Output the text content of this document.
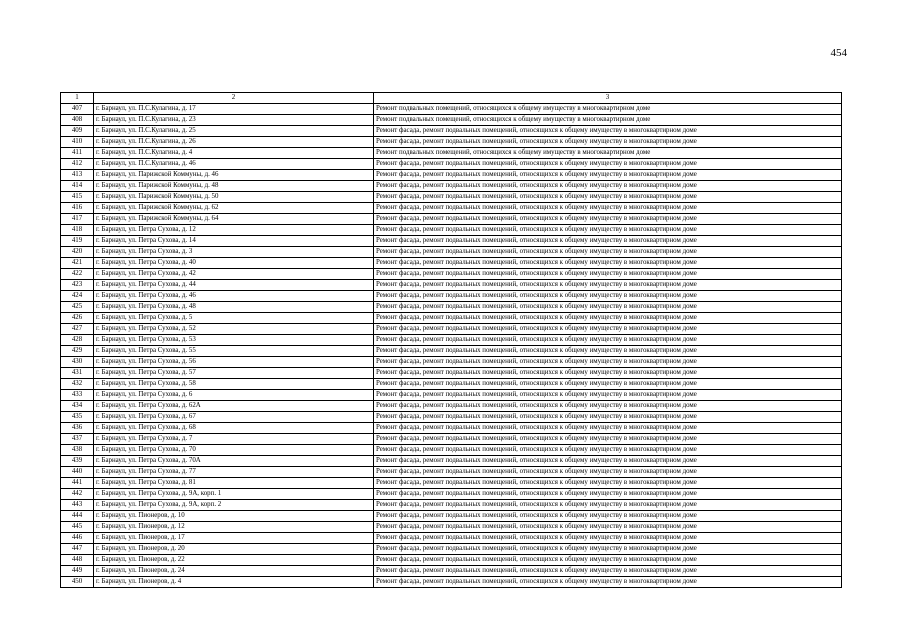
454
1	2	3
407	г. Барнаул, ул. П.С.Кулагина, д. 17	Ремонт подвальных помещений, относящихся к общему имуществу в многоквартирном доме
408	г. Барнаул, ул. П.С.Кулагина, д. 23	Ремонт подвальных помещений, относящихся к общему имуществу в многоквартирном доме
409	г. Барнаул, ул. П.С.Кулагина, д. 25	Ремонт фасада, ремонт подвальных помещений, относящихся к общему имуществу в многоквартирном доме
410	г. Барнаул, ул. П.С.Кулагина, д. 26	Ремонт фасада, ремонт подвальных помещений, относящихся к общему имуществу в многоквартирном доме
411	г. Барнаул, ул. П.С.Кулагина, д. 4	Ремонт подвальных помещений, относящихся к общему имуществу в многоквартирном доме
412	г. Барнаул, ул. П.С.Кулагина, д. 46	Ремонт фасада, ремонт подвальных помещений, относящихся к общему имуществу в многоквартирном доме
413	г. Барнаул, ул. Парижской Коммуны, д. 46	Ремонт фасада, ремонт подвальных помещений, относящихся к общему имуществу в многоквартирном доме
414	г. Барнаул, ул. Парижской Коммуны, д. 48	Ремонт фасада, ремонт подвальных помещений, относящихся к общему имуществу в многоквартирном доме
415	г. Барнаул, ул. Парижской Коммуны, д. 50	Ремонт фасада, ремонт подвальных помещений, относящихся к общему имуществу в многоквартирном доме
416	г. Барнаул, ул. Парижской Коммуны, д. 62	Ремонт фасада, ремонт подвальных помещений, относящихся к общему имуществу в многоквартирном доме
417	г. Барнаул, ул. Парижской Коммуны, д. 64	Ремонт фасада, ремонт подвальных помещений, относящихся к общему имуществу в многоквартирном доме
418	г. Барнаул, ул. Петра Сухова, д. 12	Ремонт фасада, ремонт подвальных помещений, относящихся к общему имуществу в многоквартирном доме
419	г. Барнаул, ул. Петра Сухова, д. 14	Ремонт фасада, ремонт подвальных помещений, относящихся к общему имуществу в многоквартирном доме
420	г. Барнаул, ул. Петра Сухова, д. 3	Ремонт фасада, ремонт подвальных помещений, относящихся к общему имуществу в многоквартирном доме
421	г. Барнаул, ул. Петра Сухова, д. 40	Ремонт фасада, ремонт подвальных помещений, относящихся к общему имуществу в многоквартирном доме
422	г. Барнаул, ул. Петра Сухова, д. 42	Ремонт фасада, ремонт подвальных помещений, относящихся к общему имуществу в многоквартирном доме
423	г. Барнаул, ул. Петра Сухова, д. 44	Ремонт фасада, ремонт подвальных помещений, относящихся к общему имуществу в многоквартирном доме
424	г. Барнаул, ул. Петра Сухова, д. 46	Ремонт фасада, ремонт подвальных помещений, относящихся к общему имуществу в многоквартирном доме
425	г. Барнаул, ул. Петра Сухова, д. 48	Ремонт фасада, ремонт подвальных помещений, относящихся к общему имуществу в многоквартирном доме
426	г. Барнаул, ул. Петра Сухова, д. 5	Ремонт фасада, ремонт подвальных помещений, относящихся к общему имуществу в многоквартирном доме
427	г. Барнаул, ул. Петра Сухова, д. 52	Ремонт фасада, ремонт подвальных помещений, относящихся к общему имуществу в многоквартирном доме
428	г. Барнаул, ул. Петра Сухова, д. 53	Ремонт фасада, ремонт подвальных помещений, относящихся к общему имуществу в многоквартирном доме
429	г. Барнаул, ул. Петра Сухова, д. 55	Ремонт фасада, ремонт подвальных помещений, относящихся к общему имуществу в многоквартирном доме
430	г. Барнаул, ул. Петра Сухова, д. 56	Ремонт фасада, ремонт подвальных помещений, относящихся к общему имуществу в многоквартирном доме
431	г. Барнаул, ул. Петра Сухова, д. 57	Ремонт фасада, ремонт подвальных помещений, относящихся к общему имуществу в многоквартирном доме
432	г. Барнаул, ул. Петра Сухова, д. 58	Ремонт фасада, ремонт подвальных помещений, относящихся к общему имуществу в многоквартирном доме
433	г. Барнаул, ул. Петра Сухова, д. 6	Ремонт фасада, ремонт подвальных помещений, относящихся к общему имуществу в многоквартирном доме
434	г. Барнаул, ул. Петра Сухова, д. 62А	Ремонт фасада, ремонт подвальных помещений, относящихся к общему имуществу в многоквартирном доме
435	г. Барнаул, ул. Петра Сухова, д. 67	Ремонт фасада, ремонт подвальных помещений, относящихся к общему имуществу в многоквартирном доме
436	г. Барнаул, ул. Петра Сухова, д. 68	Ремонт фасада, ремонт подвальных помещений, относящихся к общему имуществу в многоквартирном доме
437	г. Барнаул, ул. Петра Сухова, д. 7	Ремонт фасада, ремонт подвальных помещений, относящихся к общему имуществу в многоквартирном доме
438	г. Барнаул, ул. Петра Сухова, д. 70	Ремонт фасада, ремонт подвальных помещений, относящихся к общему имуществу в многоквартирном доме
439	г. Барнаул, ул. Петра Сухова, д. 70А	Ремонт фасада, ремонт подвальных помещений, относящихся к общему имуществу в многоквартирном доме
440	г. Барнаул, ул. Петра Сухова, д. 77	Ремонт фасада, ремонт подвальных помещений, относящихся к общему имуществу в многоквартирном доме
441	г. Барнаул, ул. Петра Сухова, д. 81	Ремонт фасада, ремонт подвальных помещений, относящихся к общему имуществу в многоквартирном доме
442	г. Барнаул, ул. Петра Сухова, д. 9А, корп. 1	Ремонт фасада, ремонт подвальных помещений, относящихся к общему имуществу в многоквартирном доме
443	г. Барнаул, ул. Петра Сухова, д. 9А, корп. 2	Ремонт фасада, ремонт подвальных помещений, относящихся к общему имуществу в многоквартирном доме
444	г. Барнаул, ул. Пионеров, д. 10	Ремонт фасада, ремонт подвальных помещений, относящихся к общему имуществу в многоквартирном доме
445	г. Барнаул, ул. Пионеров, д. 12	Ремонт фасада, ремонт подвальных помещений, относящихся к общему имуществу в многоквартирном доме
446	г. Барнаул, ул. Пионеров, д. 17	Ремонт фасада, ремонт подвальных помещений, относящихся к общему имуществу в многоквартирном доме
447	г. Барнаул, ул. Пионеров, д. 20	Ремонт фасада, ремонт подвальных помещений, относящихся к общему имуществу в многоквартирном доме
448	г. Барнаул, ул. Пионеров, д. 22	Ремонт фасада, ремонт подвальных помещений, относящихся к общему имуществу в многоквартирном доме
449	г. Барнаул, ул. Пионеров, д. 24	Ремонт фасада, ремонт подвальных помещений, относящихся к общему имуществу в многоквартирном доме
450	г. Барнаул, ул. Пионеров, д. 4	Ремонт фасада, ремонт подвальных помещений, относящихся к общему имуществу в многоквартирном доме
